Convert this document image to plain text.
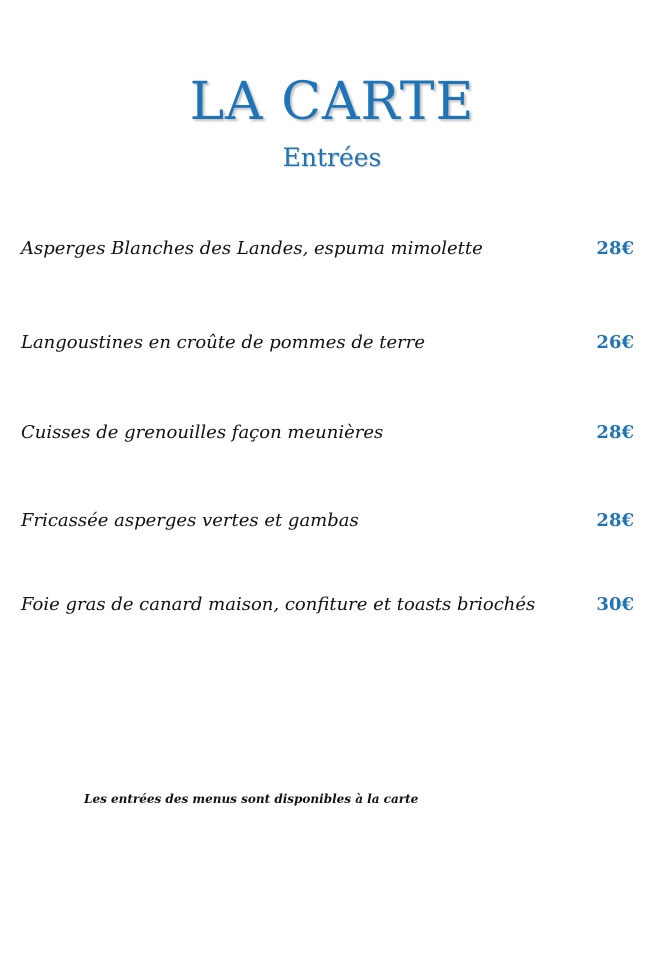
LA CARTE
Entrées
Asperges Blanches des Landes, espuma mimolette	28€
Langoustines en croûte de pommes de terre	26€
Cuisses de grenouilles façon meunières	28€
Fricassée asperges vertes et gambas	28€
Foie gras de canard maison, confiture et toasts briochés	30€
Les entrées des menus sont disponibles à la carte
